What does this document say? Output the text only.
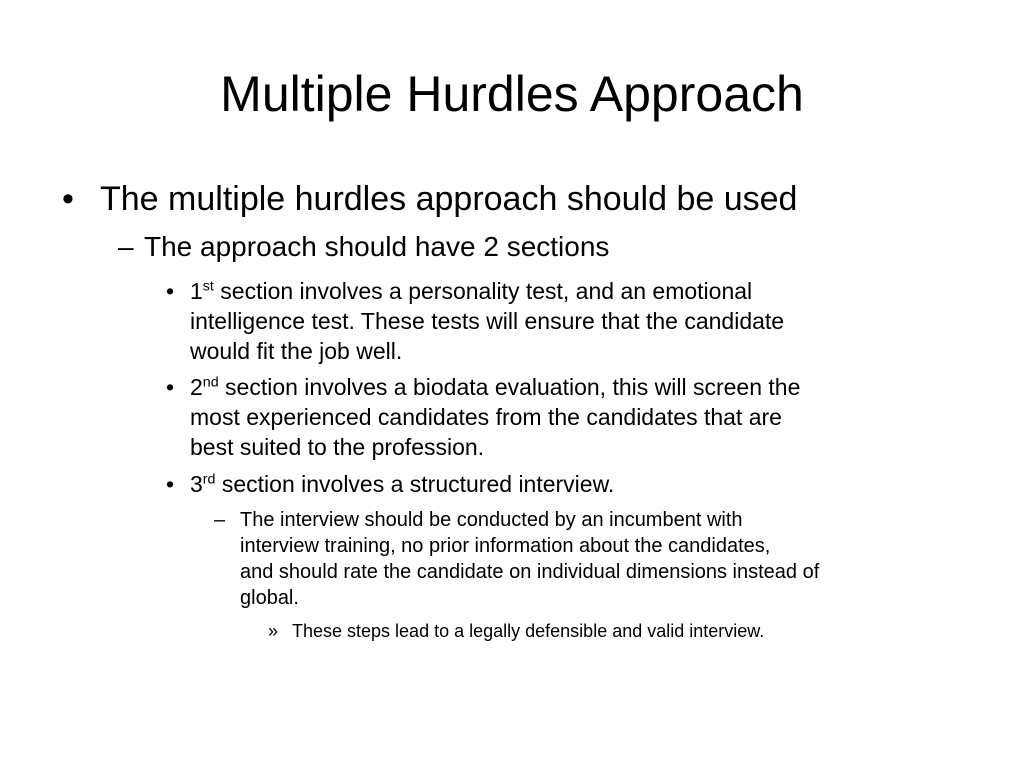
Multiple Hurdles Approach
• The multiple hurdles approach should be used
– The approach should have 2 sections
• 1st section involves a personality test, and an emotional
intelligence test. These tests will ensure that the candidate
would fit the job well.
• 2nd section involves a biodata evaluation, this will screen the
most experienced candidates from the candidates that are
best suited to the profession.
• 3rd section involves a structured interview.
– The interview should be conducted by an incumbent with
interview training, no prior information about the candidates,
and should rate the candidate on individual dimensions instead of
global.
» These steps lead to a legally defensible and valid interview.
